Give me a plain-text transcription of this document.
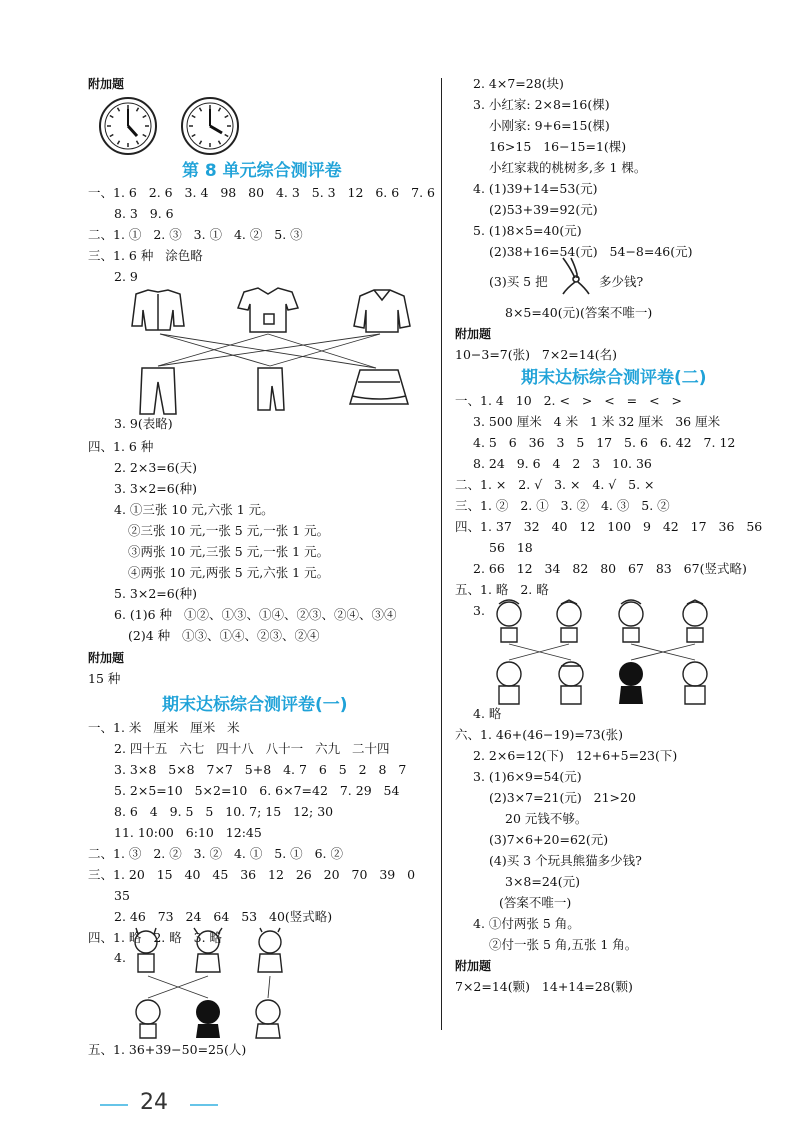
附加题
第 8 单元综合测评卷
一、1. 6   2. 6   3. 4   98   80   4. 3   5. 3   12   6. 6   7. 6
8. 3   9. 6
二、1. ①   2. ③   3. ①   4. ②   5. ③
三、1. 6 种   涂色略
2. 9
3. 9(表略)
四、1. 6 种
2. 2×3=6(天)
3. 3×2=6(种)
4. ①三张 10 元,六张 1 元。
②三张 10 元,一张 5 元,一张 1 元。
③两张 10 元,三张 5 元,一张 1 元。
④两张 10 元,两张 5 元,六张 1 元。
5. 3×2=6(种)
6. (1)6 种   ①②、①③、①④、②③、②④、③④
(2)4 种   ①③、①④、②③、②④
附加题
15 种
期末达标综合测评卷(一)
一、1. 米   厘米   厘米   米
2. 四十五   六七   四十八   八十一   六九   二十四
3. 3×8   5×8   7×7   5+8   4. 7   6   5   2   8   7
5. 2×5=10   5×2=10   6. 6×7=42   7. 29   54
8. 6   4   9. 5   5   10. 7; 15   12; 30
11. 10:00   6:10   12:45
二、1. ③   2. ②   3. ②   4. ①   5. ①   6. ②
三、1. 20   15   40   45   36   12   26   20   70   39   0
35
2. 46   73   24   64   53   40(竖式略)
四、1. 略   2. 略   3. 略
4.
五、1. 36+39−50=25(人)
2. 4×7=28(块)
3. 小红家: 2×8=16(棵)
小刚家: 9+6=15(棵)
16>15   16−15=1(棵)
小红家栽的桃树多,多 1 棵。
4. (1)39+14=53(元)
(2)53+39=92(元)
5. (1)8×5=40(元)
(2)38+16=54(元)   54−8=46(元)
(3)买 5 把	多少钱?
8×5=40(元)(答案不唯一)
附加题
10−3=7(张)   7×2=14(名)
期末达标综合测评卷(二)
一、1. 4   10   2. <   >   <   =   <   >
3. 500 厘米   4 米   1 米 32 厘米   36 厘米
4. 5   6   36   3   5   17   5. 6   6. 42   7. 12
8. 24   9. 6   4   2   3   10. 36
二、1. ×   2. √   3. ×   4. √   5. ×
三、1. ②   2. ①   3. ②   4. ③   5. ②
四、1. 37   32   40   12   100   9   42   17   36   56
56   18
2. 66   12   34   82   80   67   83   67(竖式略)
五、1. 略   2. 略
3.
4. 略
六、1. 46+(46−19)=73(张)
2. 2×6=12(下)   12+6+5=23(下)
3. (1)6×9=54(元)
(2)3×7=21(元)   21>20
20 元钱不够。
(3)7×6+20=62(元)
(4)买 3 个玩具熊猫多少钱?
3×8=24(元)
(答案不唯一)
4. ①付两张 5 角。
②付一张 5 角,五张 1 角。
附加题
7×2=14(颗)   14+14=28(颗)
24
